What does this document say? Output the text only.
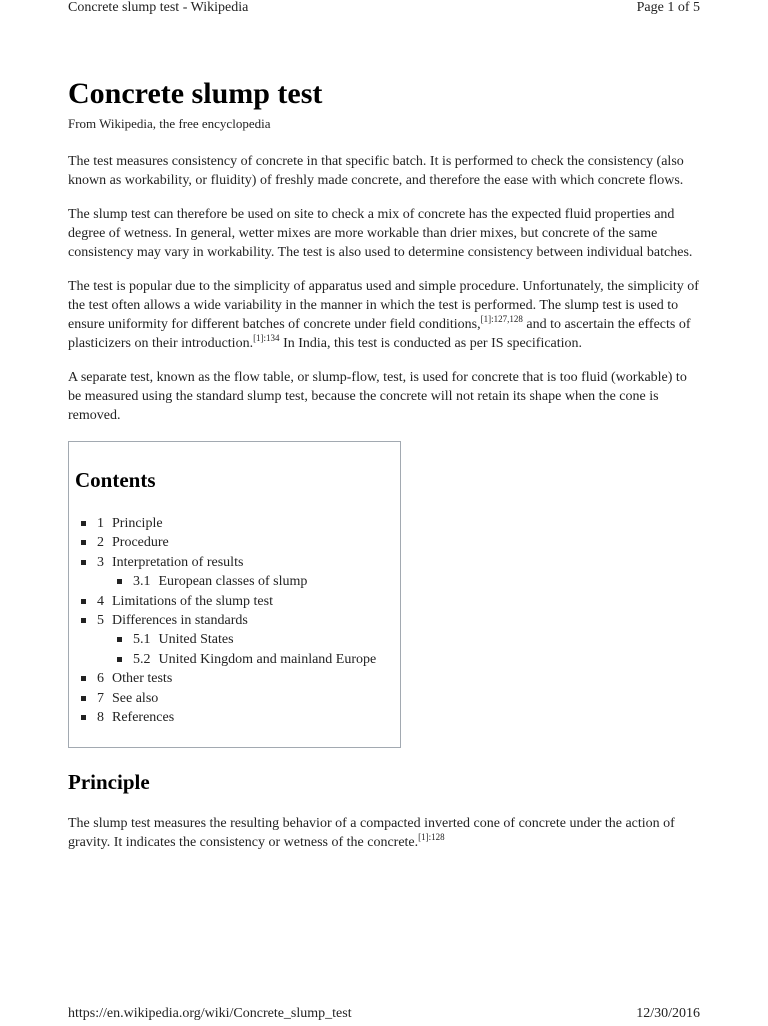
Concrete slump test - Wikipedia	Page 1 of 5
Concrete slump test
From Wikipedia, the free encyclopedia

The test measures consistency of concrete in that specific batch. It is performed to check the consistency (also known as workability, or fluidity) of freshly made concrete, and therefore the ease with which concrete flows.

The slump test can therefore be used on site to check a mix of concrete has the expected fluid properties and degree of wetness. In general, wetter mixes are more workable than drier mixes, but concrete of the same consistency may vary in workability. The test is also used to determine consistency between individual batches.

The test is popular due to the simplicity of apparatus used and simple procedure. Unfortunately, the simplicity of the test often allows a wide variability in the manner in which the test is performed. The slump test is used to ensure uniformity for different batches of concrete under field conditions,$^{[1]:127,128}$ and to ascertain the effects of plasticizers on their introduction.$^{[1]:134}$ In India, this test is conducted as per IS specification.

A separate test, known as the flow table, or slump-flow, test, is used for concrete that is too fluid (workable) to be measured using the standard slump test, because the concrete will not retain its shape when the cone is removed.

Contents
1 Principle
2 Procedure
3 Interpretation of results
3.1 European classes of slump
4 Limitations of the slump test
5 Differences in standards
5.1 United States
5.2 United Kingdom and mainland Europe
6 Other tests
7 See also
8 References
Principle

The slump test measures the resulting behavior of a compacted inverted cone of concrete under the action of gravity. It indicates the consistency or wetness of the concrete.$^{[1]:128}$

https://en.wikipedia.org/wiki/Concrete_slump_test	12/30/2016
